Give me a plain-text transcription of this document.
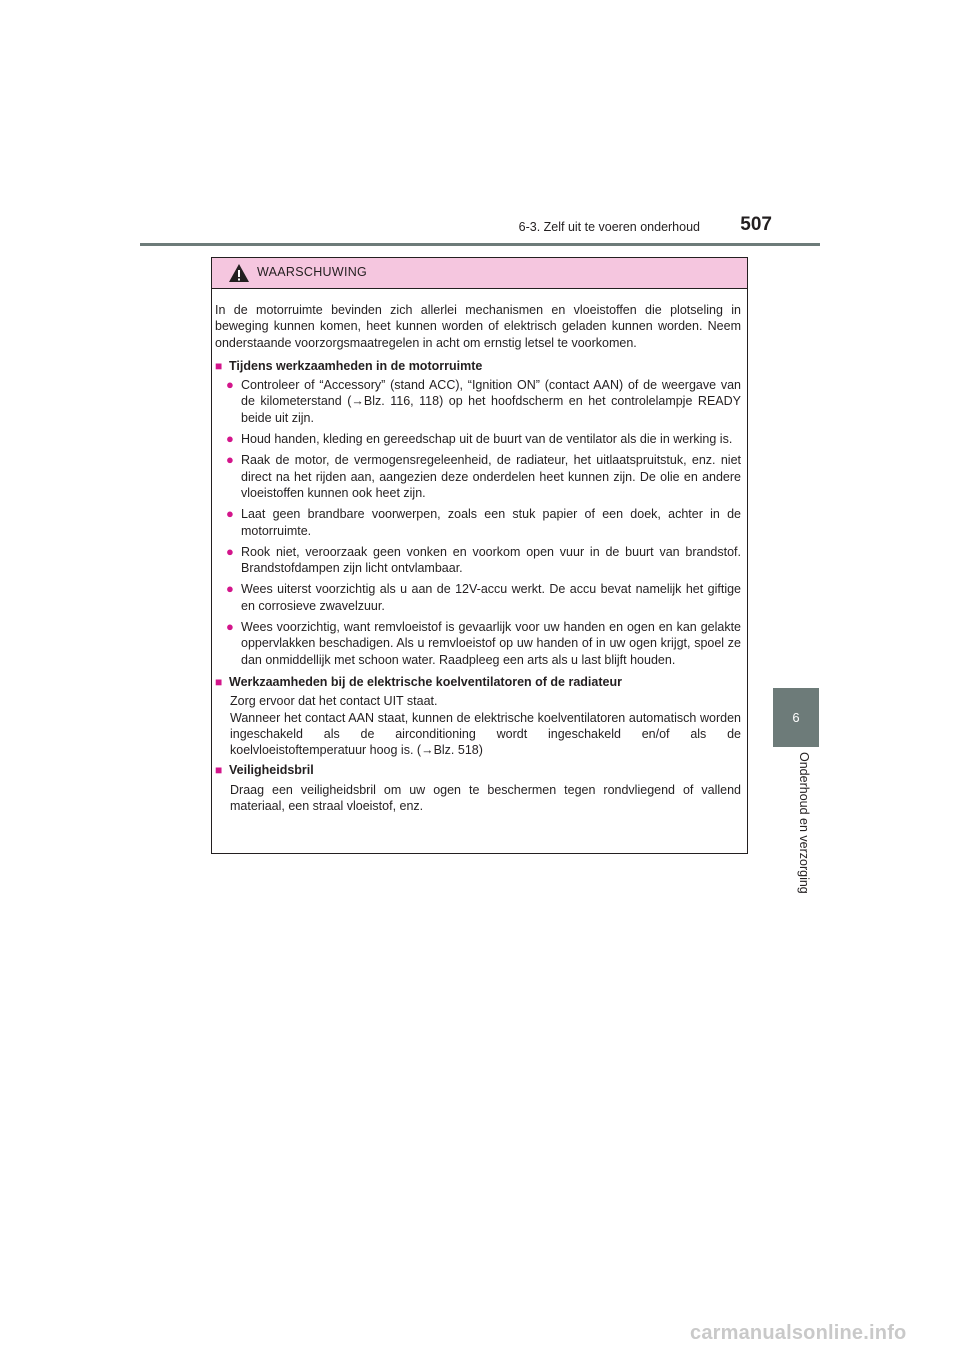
6-3. Zelf uit te voeren onderhoud	507
6
Onderhoud en verzorging
WAARSCHUWING

In de motorruimte bevinden zich allerlei mechanismen en vloeistoffen die plotseling in beweging kunnen komen, heet kunnen worden of elektrisch geladen kunnen worden. Neem onderstaande voorzorgsmaatregelen in acht om ernstig letsel te voorkomen.

■ Tijdens werkzaamheden in de motorruimte
● Controleer of “Accessory” (stand ACC), “Ignition ON” (contact AAN) of de weergave van de kilometerstand (→Blz. 116, 118) op het hoofdscherm en het controlelampje READY beide uit zijn.
● Houd handen, kleding en gereedschap uit de buurt van de ventilator als die in werking is.
● Raak de motor, de vermogensregeleenheid, de radiateur, het uitlaatspruitstuk, enz. niet direct na het rijden aan, aangezien deze onderdelen heet kunnen zijn. De olie en andere vloeistoffen kunnen ook heet zijn.
● Laat geen brandbare voorwerpen, zoals een stuk papier of een doek, achter in de motorruimte.
● Rook niet, veroorzaak geen vonken en voorkom open vuur in de buurt van brandstof. Brandstofdampen zijn licht ontvlambaar.
● Wees uiterst voorzichtig als u aan de 12V-accu werkt. De accu bevat namelijk het giftige en corrosieve zwavelzuur.
● Wees voorzichtig, want remvloeistof is gevaarlijk voor uw handen en ogen en kan gelakte oppervlakken beschadigen. Als u remvloeistof op uw handen of in uw ogen krijgt, spoel ze dan onmiddellijk met schoon water. Raadpleeg een arts als u last blijft houden.
■ Werkzaamheden bij de elektrische koelventilatoren of de radiateur
Zorg ervoor dat het contact UIT staat.
Wanneer het contact AAN staat, kunnen de elektrische koelventilatoren automatisch worden ingeschakeld als de airconditioning wordt ingeschakeld en/of als de koelvloeistoftemperatuur hoog is. (→Blz. 518)
■ Veiligheidsbril
Draag een veiligheidsbril om uw ogen te beschermen tegen rondvliegend of vallend materiaal, een straal vloeistof, enz.
carmanualsonline.info
